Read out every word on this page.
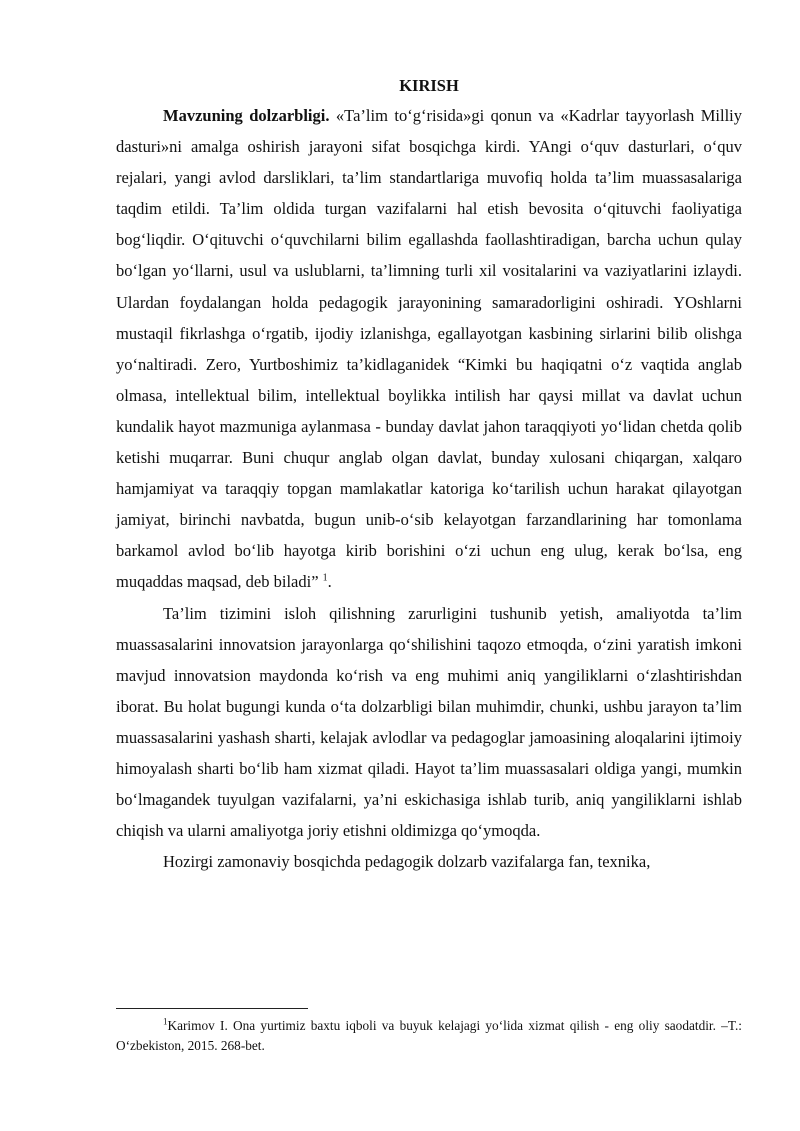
KIRISH

Mavzuning dolzarbligi. «Ta’lim to‘g‘risida»gi qonun va «Kadrlar tayyorlash Milliy dasturi»ni amalga oshirish jarayoni sifat bosqichga kirdi. YAngi o‘quv dasturlari, o‘quv rejalari, yangi avlod darsliklari, ta’lim standartlariga muvofiq holda ta’lim muassasalariga taqdim etildi. Ta’lim oldida turgan vazifalarni hal etish bevosita o‘qituvchi faoliyatiga bog‘liqdir. O‘qituvchi o‘quvchilarni bilim egallashda faollashtiradigan, barcha uchun qulay bo‘lgan yo‘llarni, usul va uslublarni, ta’limning turli xil vositalarini va vaziyatlarini izlaydi. Ulardan foydalangan holda pedagogik jarayonining samaradorligini oshiradi. YOshlarni mustaqil fikrlashga o‘rgatib, ijodiy izlanishga, egallayotgan kasbining sirlarini bilib olishga yo‘naltiradi. Zero, Yurtboshimiz ta’kidlaganidek “Kimki bu haqiqatni o‘z vaqtida anglab olmasa, intellektual bilim, intellektual boylikka intilish har qaysi millat va davlat uchun kundalik hayot mazmuniga aylanmasa - bunday davlat jahon taraqqiyoti yo‘lidan chetda qolib ketishi muqarrar. Buni chuqur anglab olgan davlat, bunday xulosani chiqargan, xalqaro hamjamiyat va taraqqiy topgan mamlakatlar katoriga ko‘tarilish uchun harakat qilayotgan jamiyat, birinchi navbatda, bugun unib-o‘sib kelayotgan farzandlarining har tomonlama barkamol avlod bo‘lib hayotga kirib borishini o‘zi uchun eng ulug, kerak bo‘lsa, eng muqaddas maqsad, deb biladi” $^1$.

Ta’lim tizimini isloh qilishning zarurligini tushunib yetish, amaliyotda ta’lim muassasalarini innovatsion jarayonlarga qo‘shilishini taqozo etmoqda, o‘zini yaratish imkoni mavjud innovatsion maydonda ko‘rish va eng muhimi aniq yangiliklarni o‘zlashtirishdan iborat. Bu holat bugungi kunda o‘ta dolzarbligi bilan muhimdir, chunki, ushbu jarayon ta’lim muassasalarini yashash sharti, kelajak avlodlar va pedagoglar jamoasining aloqalarini ijtimoiy himoyalash sharti bo‘lib ham xizmat qiladi. Hayot ta’lim muassasalari oldiga yangi, mumkin bo‘lmagandek tuyulgan vazifalarni, ya’ni eskichasiga ishlab turib, aniq yangiliklarni ishlab chiqish va ularni amaliyotga joriy etishni oldimizga qo‘ymoqda.

Hozirgi zamonaviy bosqichda pedagogik dolzarb vazifalarga fan, texnika,

$^1$Karimov I. Ona yurtimiz baxtu iqboli va buyuk kelajagi yo‘lida xizmat qilish - eng oliy saodatdir. –T.: O‘zbekiston, 2015. 268-bet.
